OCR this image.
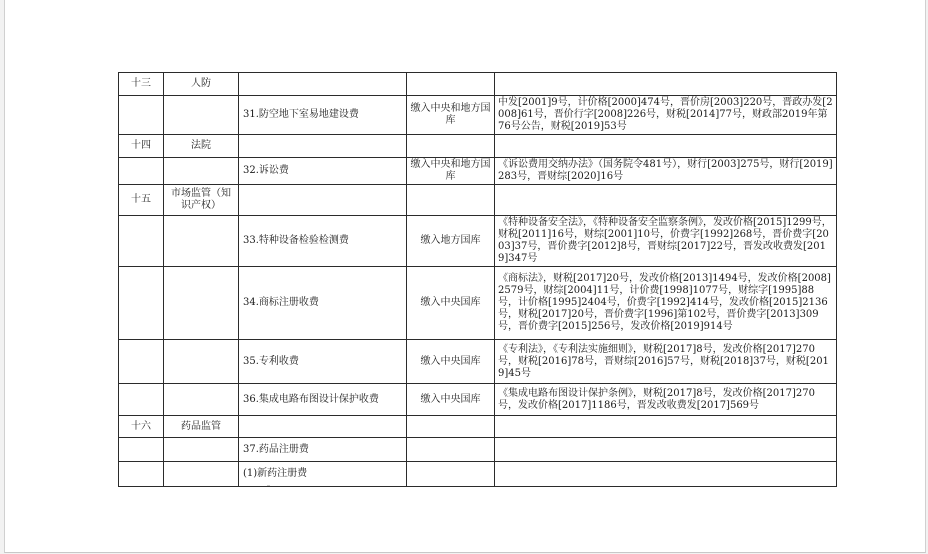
十三	人防			
		31.防空地下室易地建设费	缴入中央和地方国库	中发[2001]9号，计价格[2000]474号，晋价房[2003]220号，晋政办发[2008]61号，晋价行字[2008]226号，财税[2014]77号，财政部2019年第76号公告，财税[2019]53号
十四	法院			
		32.诉讼费	缴入中央和地方国库	《诉讼费用交纳办法》（国务院令481号），财行[2003]275号，财行[2019]283号，晋财综[2020]16号
十五	市场监管（知识产权）			
		33.特种设备检验检测费	缴入地方国库	《特种设备安全法》，《特种设备安全监察条例》，发改价格[2015]1299号，财税[2011]16号，财综[2001]10号，价费字[1992]268号，晋价费字[2003]37号，晋价费字[2012]8号，晋财综[2017]22号，晋发改收费发[2019]347号
		34.商标注册收费	缴入中央国库	《商标法》，财税[2017]20号，发改价格[2013]1494号，发改价格[2008]2579号，财综[2004]11号，计价费[1998]1077号，财综字[1995]88号，计价格[1995]2404号，价费字[1992]414号，发改价格[2015]2136号，财税[2017]20号，晋价费字[1996]第102号，晋价费字[2013]309号，晋价费字[2015]256号，发改价格[2019]914号
		35.专利收费	缴入中央国库	《专利法》，《专利法实施细则》，财税[2017]8号，发改价格[2017]270号，财税[2016]78号，晋财综[2016]57号，财税[2018]37号，财税[2019]45号
		36.集成电路布图设计保护收费	缴入中央国库	《集成电路布图设计保护条例》，财税[2017]8号，发改价格[2017]270号，发改价格[2017]1186号，晋发改收费发[2017]569号
十六	药品监管			
		37.药品注册费		
		(1)新药注册费		
